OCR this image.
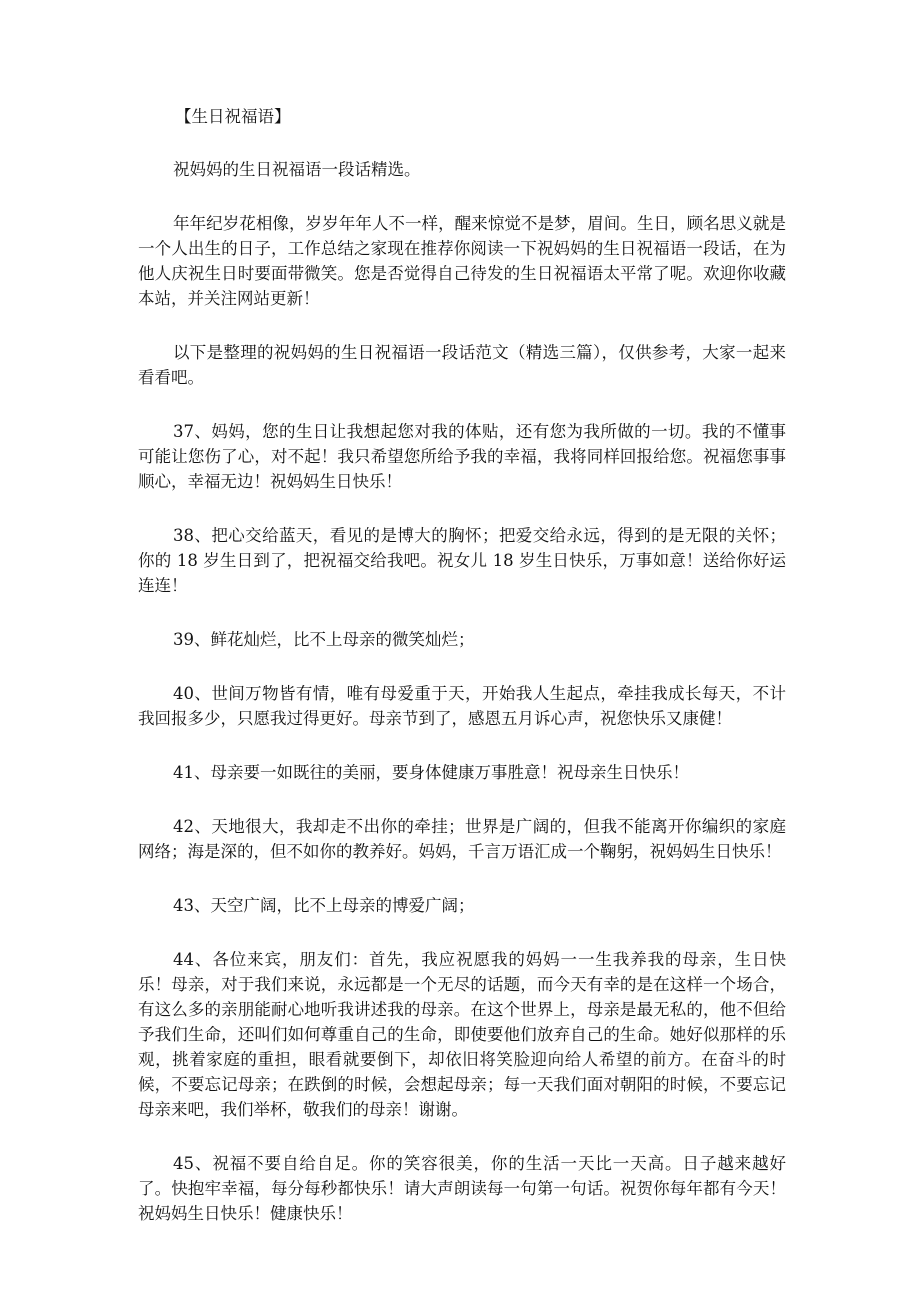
【生日祝福语】

祝妈妈的生日祝福语一段话精选。

年年纪岁花相像，岁岁年年人不一样，醒来惊觉不是梦，眉间。生日，顾名思义就是一个人出生的日子，工作总结之家现在推荐你阅读一下祝妈妈的生日祝福语一段话，在为他人庆祝生日时要面带微笑。您是否觉得自己待发的生日祝福语太平常了呢。欢迎你收藏本站，并关注网站更新！

以下是整理的祝妈妈的生日祝福语一段话范文（精选三篇），仅供参考，大家一起来看看吧。

37、妈妈，您的生日让我想起您对我的体贴，还有您为我所做的一切。我的不懂事可能让您伤了心，对不起！我只希望您所给予我的幸福，我将同样回报给您。祝福您事事顺心，幸福无边！祝妈妈生日快乐！

38、把心交给蓝天，看见的是博大的胸怀；把爱交给永远，得到的是无限的关怀；你的 18 岁生日到了，把祝福交给我吧。祝女儿 18 岁生日快乐，万事如意！送给你好运连连！

39、鲜花灿烂，比不上母亲的微笑灿烂；

40、世间万物皆有情，唯有母爱重于天，开始我人生起点，牵挂我成长每天，不计我回报多少，只愿我过得更好。母亲节到了，感恩五月诉心声，祝您快乐又康健！

41、母亲要一如既往的美丽，要身体健康万事胜意！祝母亲生日快乐！

42、天地很大，我却走不出你的牵挂；世界是广阔的，但我不能离开你编织的家庭网络；海是深的，但不如你的教养好。妈妈，千言万语汇成一个鞠躬，祝妈妈生日快乐！

43、天空广阔，比不上母亲的博爱广阔；

44、各位来宾，朋友们：首先，我应祝愿我的妈妈一一生我养我的母亲，生日快乐！母亲，对于我们来说，永远都是一个无尽的话题，而今天有幸的是在这样一个场合，有这么多的亲朋能耐心地听我讲述我的母亲。在这个世界上，母亲是最无私的，他不但给予我们生命，还叫们如何尊重自己的生命，即使要他们放弃自己的生命。她好似那样的乐观，挑着家庭的重担，眼看就要倒下，却依旧将笑脸迎向给人希望的前方。在奋斗的时候，不要忘记母亲；在跌倒的时候，会想起母亲；每一天我们面对朝阳的时候，不要忘记母亲来吧，我们举杯，敬我们的母亲！谢谢。

45、祝福不要自给自足。你的笑容很美，你的生活一天比一天高。日子越来越好了。快抱牢幸福，每分每秒都快乐！请大声朗读每一句第一句话。祝贺你每年都有今天！祝妈妈生日快乐！健康快乐！
